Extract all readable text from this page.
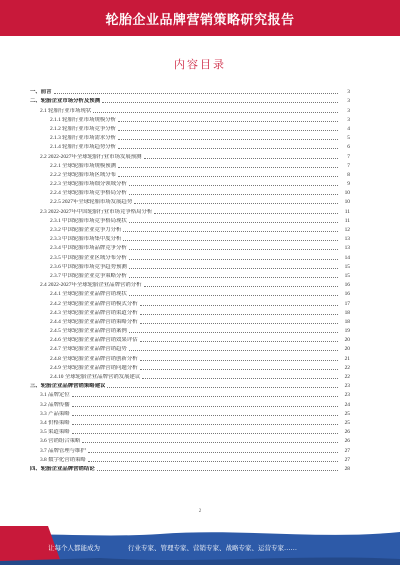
轮胎企业品牌营销策略研究报告
内容目录
一、前言	3
二、轮胎企业市场分析及预测	3
2.1 轮胎行业市场现状	3
2.1.1 轮胎行业市场规模分析	3
2.1.2 轮胎行业市场竞争分析	4
2.1.3 轮胎行业市场需求分析	5
2.1.4 轮胎行业市场趋势分析	6
2.2 2022-2027年全球轮胎行业市场发展预测	7
2.2.1 全球轮胎市场规模预测	7
2.2.2 全球轮胎市场区域分布	8
2.2.3 全球轮胎市场细分领域分析	9
2.2.4 全球轮胎市场竞争格局分析	10
2.2.5 2027年全球轮胎市场发展趋势	10
2.3 2022-2027年中国轮胎行业市场竞争格局分析	11
2.3.1 中国轮胎市场竞争格局现状	11
2.3.2 中国轮胎企业竞争力分析	12
2.3.3 中国轮胎市场集中度分析	13
2.3.4 中国轮胎市场品牌竞争分析	13
2.3.5 中国轮胎企业区域分布分析	14
2.3.6 中国轮胎市场竞争趋势预测	15
2.3.7 中国轮胎企业竞争策略分析	15
2.4 2022-2027年全球轮胎企业品牌营销分析	16
2.4.1 全球轮胎企业品牌营销现状	16
2.4.2 全球轮胎企业品牌营销模式分析	17
2.4.3 全球轮胎企业品牌营销渠道分析	18
2.4.4 全球轮胎企业品牌营销策略分析	18
2.4.5 全球轮胎企业品牌营销案例	19
2.4.6 全球轮胎企业品牌营销效果评估	20
2.4.7 全球轮胎企业品牌营销趋势	20
2.4.8 全球轮胎企业品牌营销创新分析	21
2.4.9 全球轮胎企业品牌营销问题分析	22
2.4.10 全球轮胎企业品牌营销发展建议	22
三、轮胎企业品牌营销策略建议	23
3.1 品牌定位	23
3.2 品牌传播	24
3.3 产品策略	25
3.4 价格策略	25
3.5 渠道策略	26
3.6 营销组合策略	26
3.7 品牌管理与维护	27
3.8 数字化营销策略	27
四、轮胎企业品牌营销结论	28
2
让每个人都能成为	行业专家、管理专家、营销专家、战略专家、运营专家……
